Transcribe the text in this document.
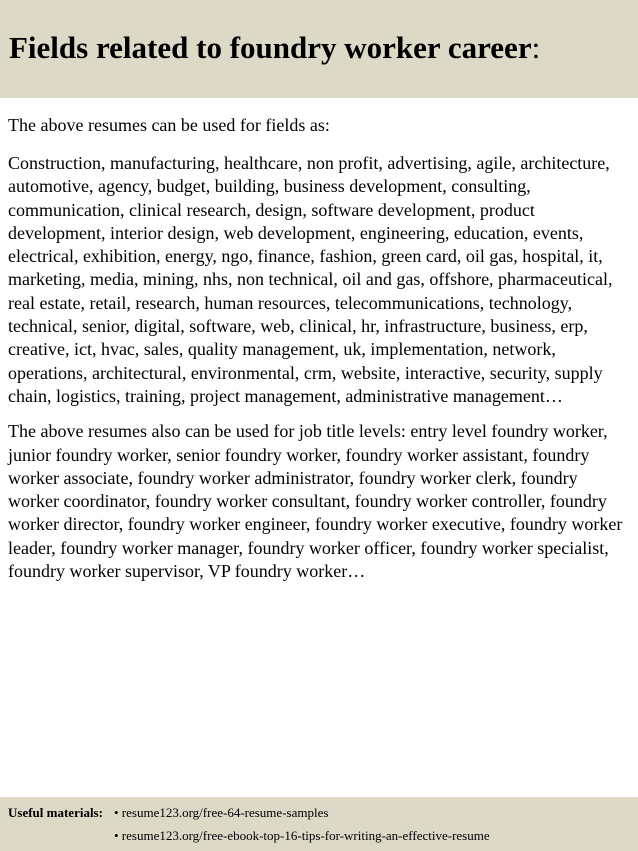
Fields related to foundry worker career:

The above resumes can be used for fields as:

Construction, manufacturing, healthcare, non profit, advertising, agile, architecture, automotive, agency, budget, building, business development, consulting, communication, clinical research, design, software development, product development, interior design, web development, engineering, education, events, electrical, exhibition, energy, ngo, finance, fashion, green card, oil gas, hospital, it, marketing, media, mining, nhs, non technical, oil and gas, offshore, pharmaceutical, real estate, retail, research, human resources, telecommunications, technology, technical, senior, digital, software, web, clinical, hr, infrastructure, business, erp, creative, ict, hvac, sales, quality management, uk, implementation, network, operations, architectural, environmental, crm, website, interactive, security, supply chain, logistics, training, project management, administrative management…

The above resumes also can be used for job title levels: entry level foundry worker, junior foundry worker, senior foundry worker, foundry worker assistant, foundry worker associate, foundry worker administrator, foundry worker clerk, foundry worker coordinator, foundry worker consultant, foundry worker controller, foundry worker director, foundry worker engineer, foundry worker executive, foundry worker leader, foundry worker manager, foundry worker officer, foundry worker specialist, foundry worker supervisor, VP foundry worker…

Useful materials: • resume123.org/free-64-resume-samples
• resume123.org/free-ebook-top-16-tips-for-writing-an-effective-resume
